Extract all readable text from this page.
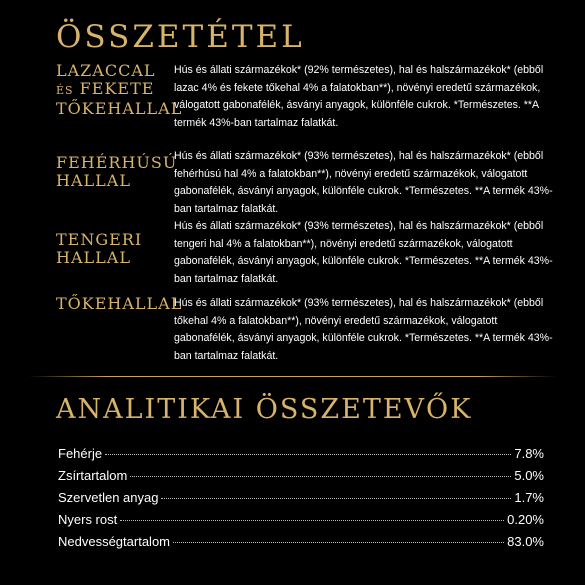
ÖSSZETÉTEL
LAZACCAL
ÉS FEKETE
TŐKEHALLAL
Hús és állati származékok* (92% természetes), hal és halszármazékok* (ebből lazac 4% és fekete tőkehal 4% a falatokban**), növényi eredetű származékok, válogatott gabonafélék, ásványi anyagok, különféle cukrok. *Természetes. **A termék 43%-ban tartalmaz falatkát.
FEHÉRHÚSÚ
HALLAL
Hús és állati származékok* (93% természetes), hal és halszármazékok* (ebből fehérhúsú hal 4% a falatokban**), növényi eredetű származékok, válogatott gabonafélék, ásványi anyagok, különféle cukrok. *Természetes. **A termék 43%-ban tartalmaz falatkát.
TENGERI
HALLAL
Hús és állati származékok* (93% természetes), hal és halszármazékok* (ebből tengeri hal 4% a falatokban**), növényi eredetű származékok, válogatott gabonafélék, ásványi anyagok, különféle cukrok. *Természetes. **A termék 43%-ban tartalmaz falatkát.
TŐKEHALLAL
Hús és állati származékok* (93% természetes), hal és halszármazékok* (ebből tőkehal 4% a falatokban**), növényi eredetű származékok, válogatott gabonafélék, ásványi anyagok, különféle cukrok. *Természetes. **A termék 43%-ban tartalmaz falatkát.
ANALITIKAI ÖSSZETEVŐK
Fehérje	7.8%
Zsírtartalom	5.0%
Szervetlen anyag	1.7%
Nyers rost	0.20%
Nedvességtartalom	83.0%
